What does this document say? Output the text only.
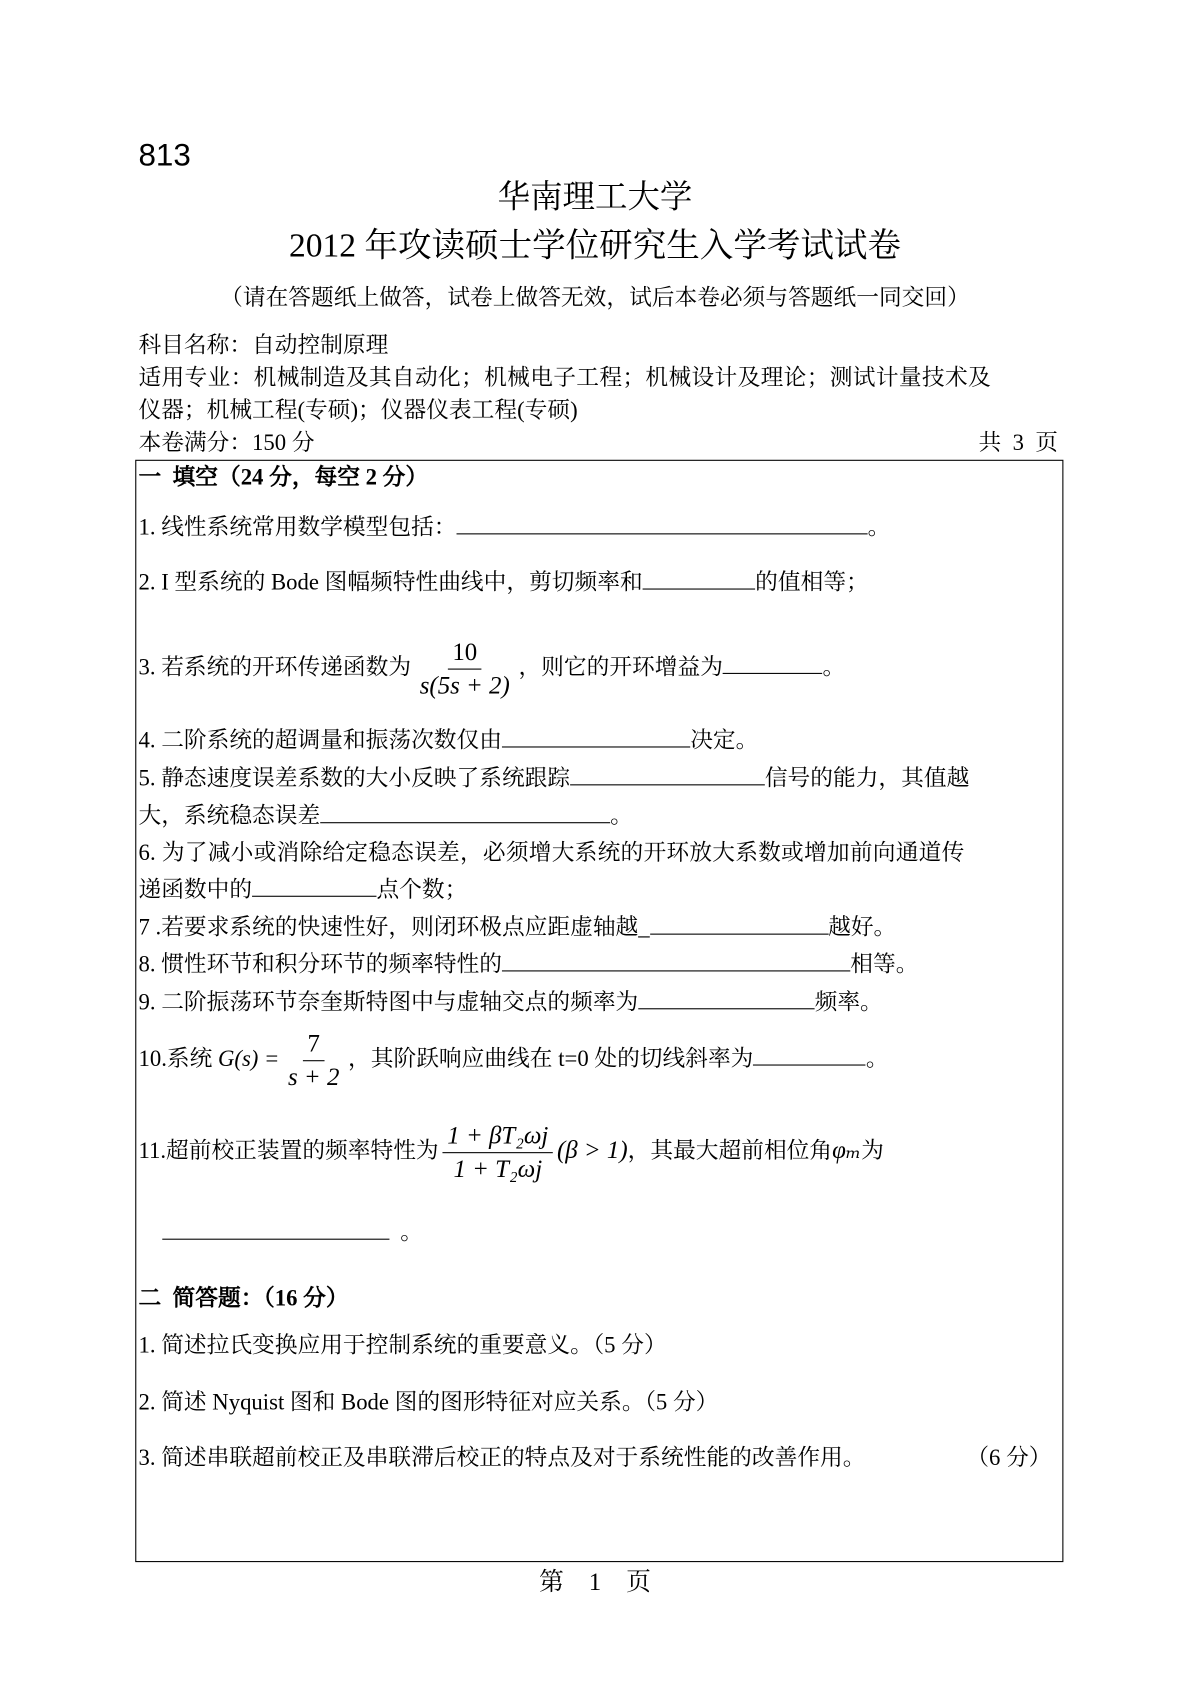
813
华南理工大学
2012 年攻读硕士学位研究生入学考试试卷
（请在答题纸上做答，试卷上做答无效，试后本卷必须与答题纸一同交回）
科目名称：自动控制原理
适用专业：机械制造及其自动化；机械电子工程；机械设计及理论；测试计量技术及
仪器；机械工程(专硕)；仪器仪表工程(专硕)
本卷满分：150 分	共  3  页
一  填空（24 分，每空 2 分）
1. 线性系统常用数学模型包括：	。
2. I 型系统的 Bode 图幅频特性曲线中，剪切频率和	的值相等；
3. 若系统的开环传递函数为 $\frac{10}{s(5s + 2)}$ ，则它的开环增益为	。
4. 二阶系统的超调量和振荡次数仅由	决定。
5. 静态速度误差系数的大小反映了系统跟踪	信号的能力，其值越
大，系统稳态误差	。
6. 为了减小或消除给定稳态误差，必须增大系统的开环放大系数或增加前向通道传
递函数中的	点个数；
7 .若要求系统的快速性好，则闭环极点应距虚轴越_	越好。
8. 惯性环节和积分环节的频率特性的	相等。
9. 二阶振荡环节奈奎斯特图中与虚轴交点的频率为	频率。
10.系统 $G(s) = \frac{7}{s + 2}$ ，其阶跃响应曲线在 t=0 处的切线斜率为	。
11.超前校正装置的频率特性为 $\frac{\text{1 + βT₂ωj}}{\text{1 + T₂ωj}} (\beta > 1)$，其最大超前相位角φₘ为
。
二  简答题：（16 分）
1. 简述拉氏变换应用于控制系统的重要意义。（5 分）
2. 简述 Nyquist 图和 Bode 图的图形特征对应关系。（5 分）
3. 简述串联超前校正及串联滞后校正的特点及对于系统性能的改善作用。	（6 分）
第    1    页
